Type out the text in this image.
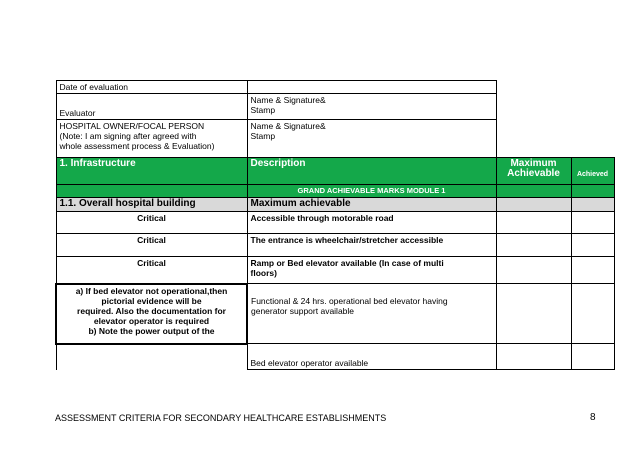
Date of evaluation			
Evaluator	Name & Signature&
Stamp		
HOSPITAL OWNER/FOCAL PERSON
(Note: I am signing after agreed with
whole assessment process & Evaluation)	Name & Signature&
Stamp		
1. Infrastructure	Description	Maximum
Achievable	Achieved
	GRAND ACHIEVABLE MARKS MODULE 1		
1.1. Overall hospital building	Maximum achievable		
Critical	Accessible through motorable road		
Critical	The entrance is wheelchair/stretcher accessible		
Critical	Ramp or Bed elevator available (In case of multi
floors)		
a) If bed elevator not operational,then
pictorial evidence will be
required. Also the documentation for
elevator operator is required
b) Note the power output of the	Functional & 24 hrs. operational bed elevator having
generator support available		
	Bed elevator operator available		
ASSESSMENT CRITERIA FOR SECONDARY HEALTHCARE ESTABLISHMENTS	8
